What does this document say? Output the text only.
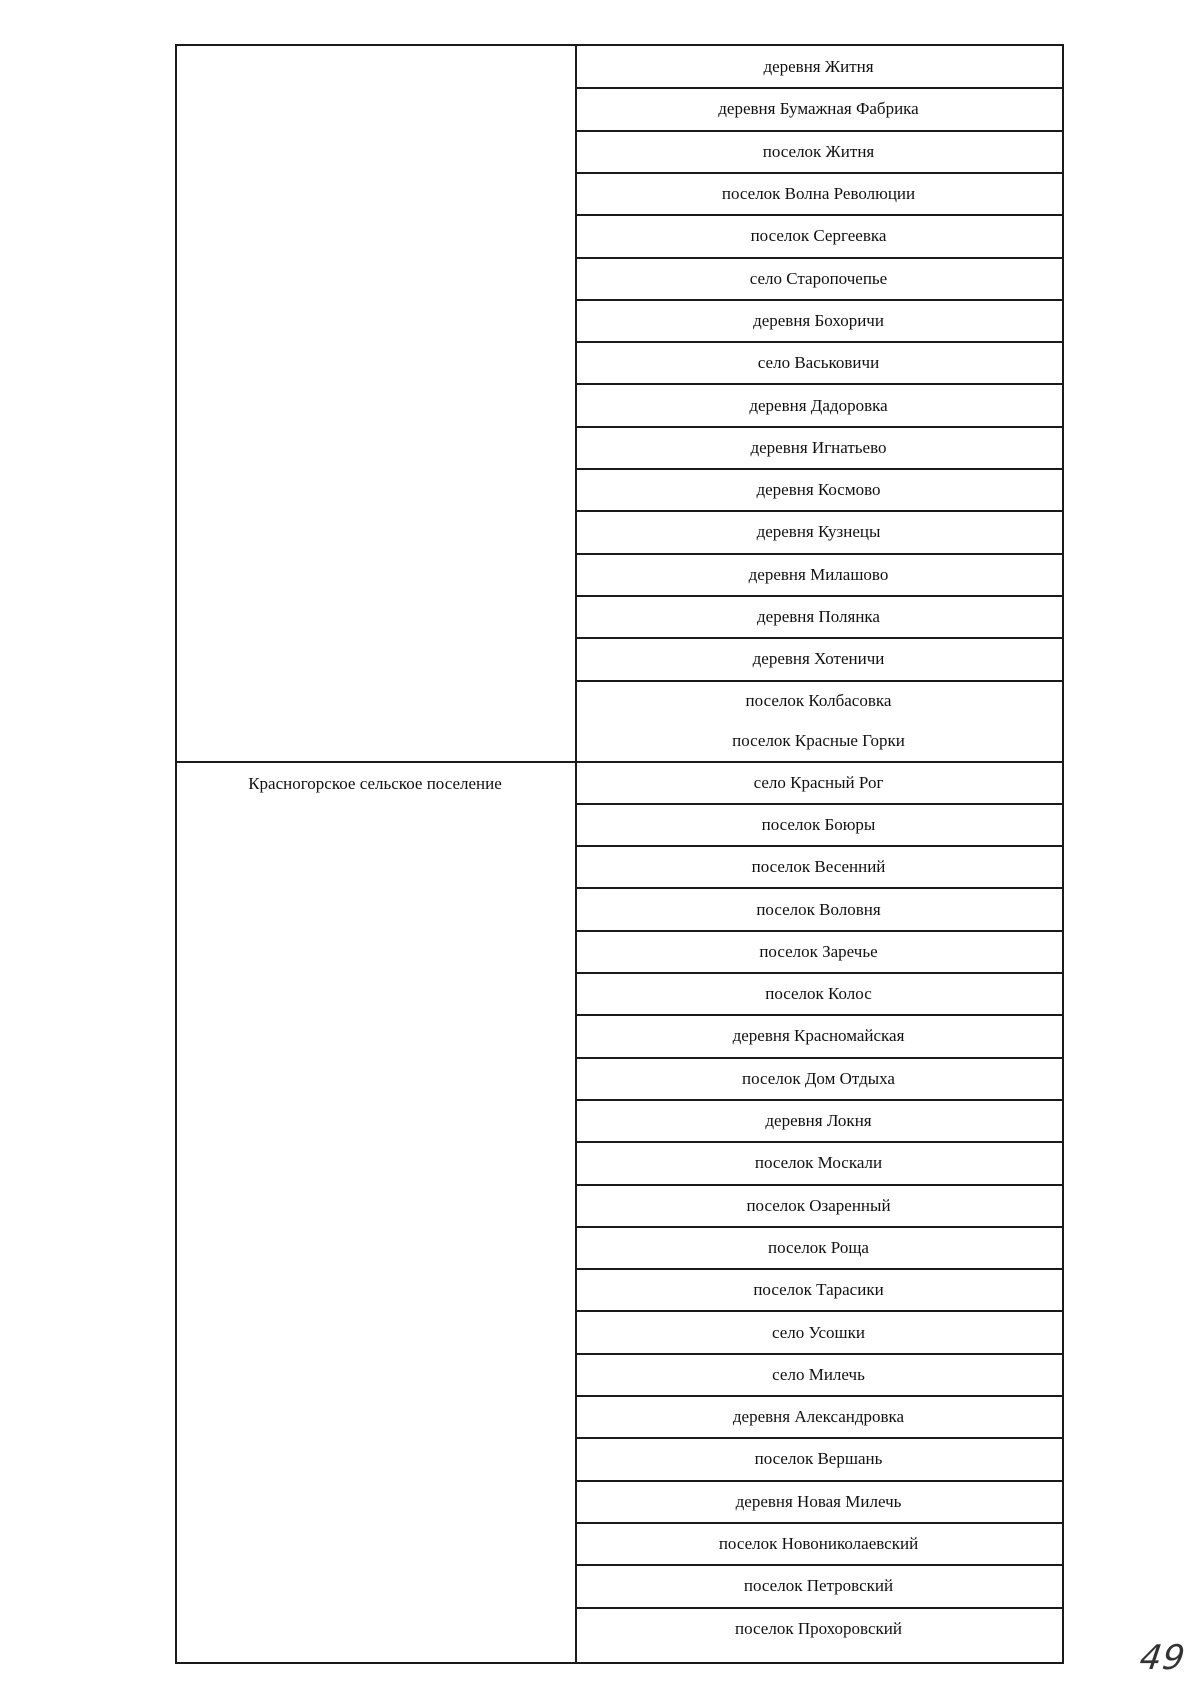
Красногорское сельское поселение
деревня Житня
деревня Бумажная Фабрика
поселок Житня
поселок Волна Революции
поселок Сергеевка
село Старопочепье
деревня Бохоричи
село Васьковичи
деревня Дадоровка
деревня Игнатьево
деревня Космово
деревня Кузнецы
деревня Милашово
деревня Полянка
деревня Хотеничи
поселок Колбасовка
поселок Красные Горки
село Красный Рог
поселок Боюры
поселок Весенний
поселок Воловня
поселок Заречье
поселок Колос
деревня Красномайская
поселок Дом Отдыха
деревня Локня
поселок Москали
поселок Озаренный
поселок Роща
поселок Тарасики
село Усошки
село Милечь
деревня Александровка
поселок Вершань
деревня Новая Милечь
поселок Новониколаевский
поселок Петровский
поселок Прохоровский
49
